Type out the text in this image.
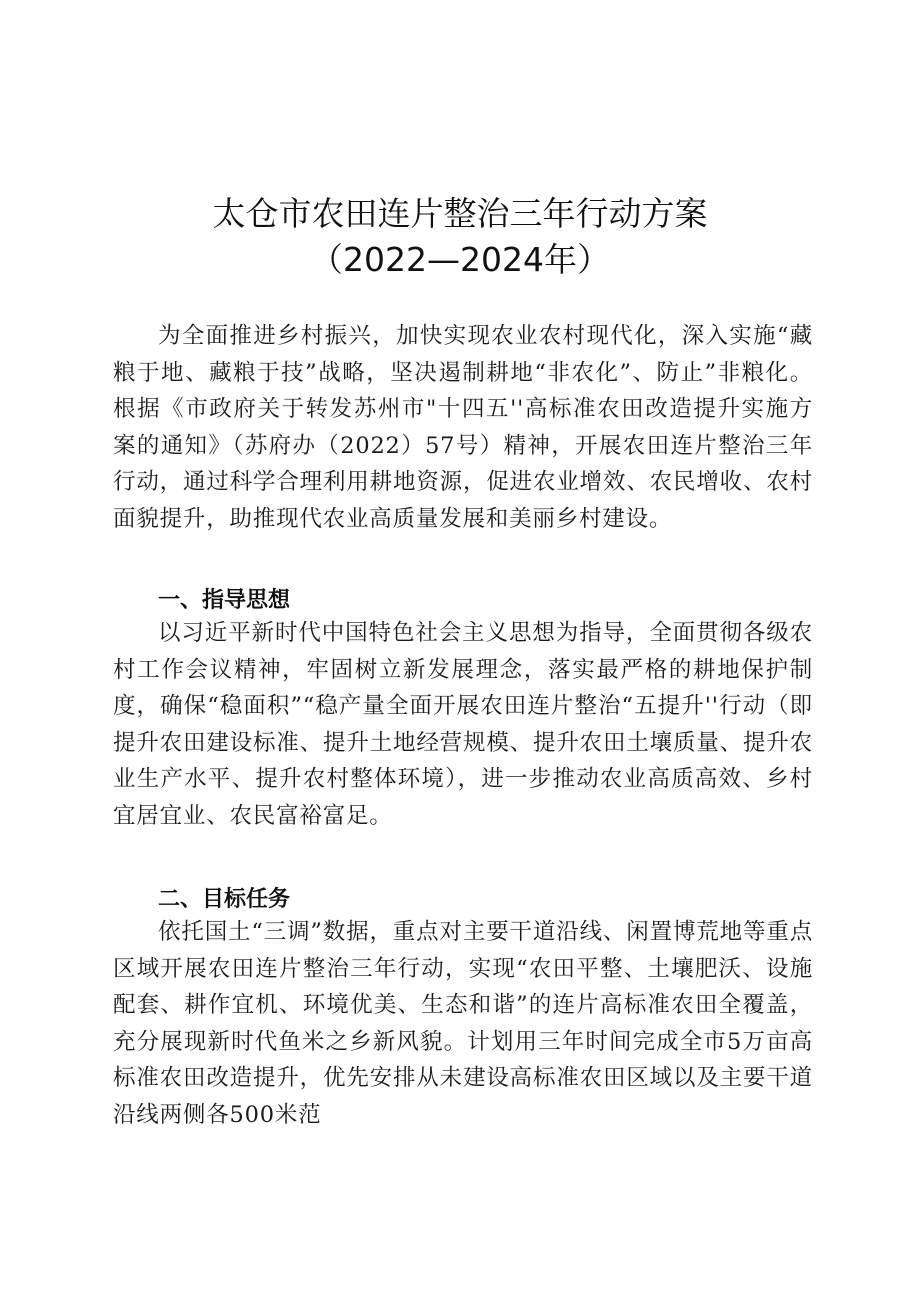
太仓市农田连片整治三年行动方案
（2022—2024年）

为全面推进乡村振兴，加快实现农业农村现代化，深入实施“藏粮于地、藏粮于技”战略，坚决遏制耕地“非农化”、防止”非粮化。根据《市政府关于转发苏州市"十四五''高标准农田改造提升实施方案的通知》（苏府办（2022）57号）精神，开展农田连片整治三年行动，通过科学合理利用耕地资源，促进农业增效、农民增收、农村面貌提升，助推现代农业高质量发展和美丽乡村建设。

一、指导思想

以习近平新时代中国特色社会主义思想为指导，全面贯彻各级农村工作会议精神，牢固树立新发展理念，落实最严格的耕地保护制度，确保“稳面积”“稳产量全面开展农田连片整治“五提升''行动（即提升农田建设标准、提升土地经营规模、提升农田土壤质量、提升农业生产水平、提升农村整体环境），进一步推动农业高质高效、乡村宜居宜业、农民富裕富足。

二、目标任务

依托国土“三调”数据，重点对主要干道沿线、闲置博荒地等重点区域开展农田连片整治三年行动，实现“农田平整、土壤肥沃、设施配套、耕作宜机、环境优美、生态和谐”的连片高标准农田全覆盖，充分展现新时代鱼米之乡新风貌。计划用三年时间完成全市5万亩高标准农田改造提升，优先安排从未建设高标准农田区域以及主要干道沿线两侧各500米范
